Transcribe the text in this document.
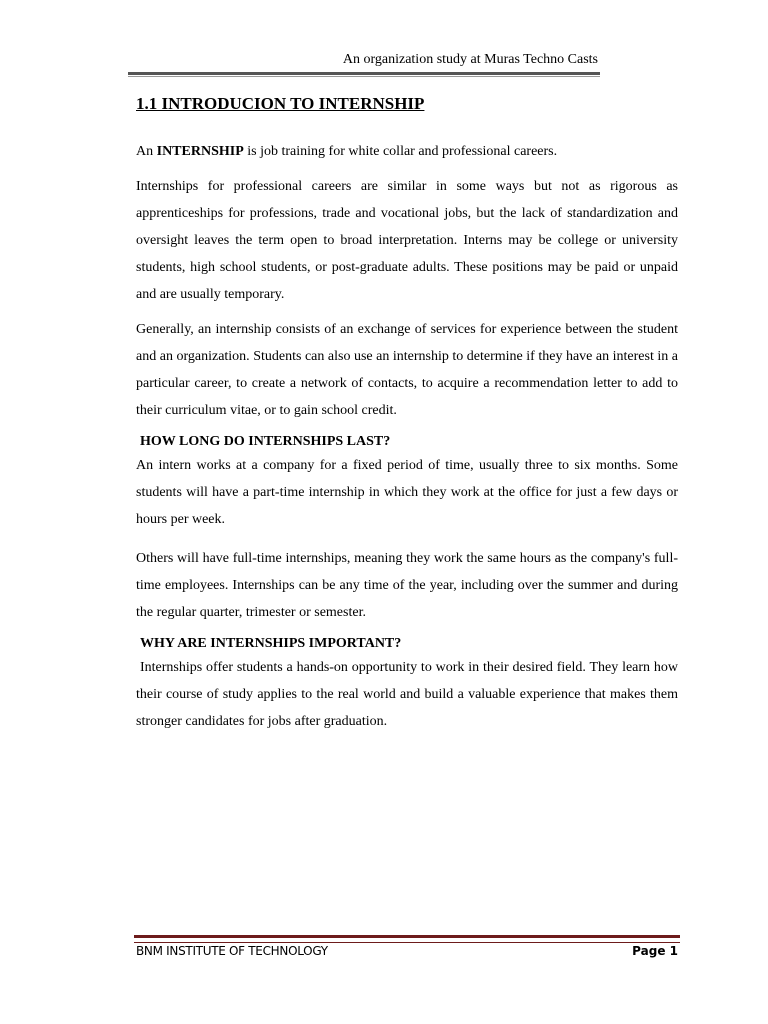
An organization study at Muras Techno Casts
1.1 INTRODUCION TO INTERNSHIP

An INTERNSHIP is job training for white collar and professional careers.

Internships for professional careers are similar in some ways but not as rigorous as apprenticeships for professions, trade and vocational jobs, but the lack of standardization and oversight leaves the term open to broad interpretation. Interns may be college or university students, high school students, or post-graduate adults. These positions may be paid or unpaid and are usually temporary.

Generally, an internship consists of an exchange of services for experience between the student and an organization. Students can also use an internship to determine if they have an interest in a particular career, to create a network of contacts, to acquire a recommendation letter to add to their curriculum vitae, or to gain school credit.

HOW LONG DO INTERNSHIPS LAST?

An intern works at a company for a fixed period of time, usually three to six months. Some students will have a part-time internship in which they work at the office for just a few days or hours per week.

Others will have full-time internships, meaning they work the same hours as the company's full-time employees. Internships can be any time of the year, including over the summer and during the regular quarter, trimester or semester.

WHY ARE INTERNSHIPS IMPORTANT?

Internships offer students a hands-on opportunity to work in their desired field. They learn how their course of study applies to the real world and build a valuable experience that makes them stronger candidates for jobs after graduation.

BNM INSTITUTE OF TECHNOLOGY	Page 1
